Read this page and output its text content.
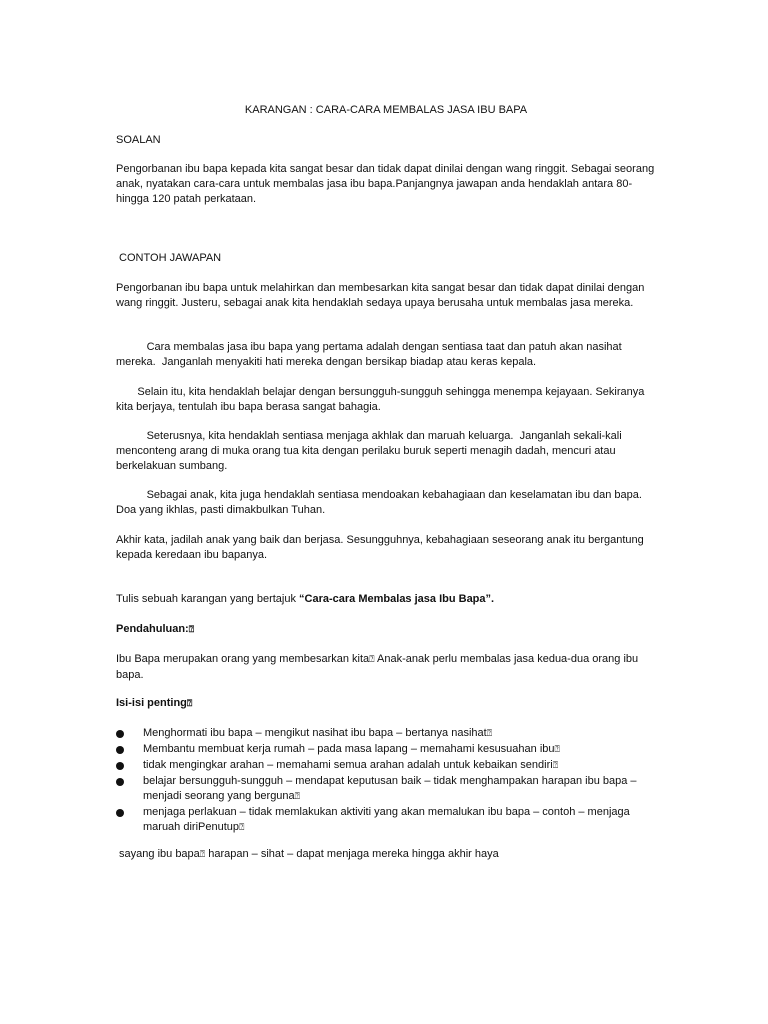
KARANGAN : CARA-CARA MEMBALAS JASA IBU BAPA

SOALAN

Pengorbanan ibu bapa kepada kita sangat besar dan tidak dapat dinilai dengan wang ringgit. Sebagai seorang anak, nyatakan cara-cara untuk membalas jasa ibu bapa.Panjangnya jawapan anda hendaklah antara 80- hingga 120 patah perkataan.

CONTOH JAWAPAN

Pengorbanan ibu bapa untuk melahirkan dan membesarkan kita sangat besar dan tidak dapat dinilai dengan wang ringgit. Justeru, sebagai anak kita hendaklah sedaya upaya berusaha untuk membalas jasa mereka.

Cara membalas jasa ibu bapa yang pertama adalah dengan sentiasa taat dan patuh akan nasihat mereka.  Janganlah menyakiti hati mereka dengan bersikap biadap atau keras kepala.

Selain itu, kita hendaklah belajar dengan bersungguh-sungguh sehingga menempa kejayaan. Sekiranya kita berjaya, tentulah ibu bapa berasa sangat bahagia.

Seterusnya, kita hendaklah sentiasa menjaga akhlak dan maruah keluarga.  Janganlah sekali-kali menconteng arang di muka orang tua kita dengan perilaku buruk seperti menagih dadah, mencuri atau berkelakuan sumbang.

Sebagai anak, kita juga hendaklah sentiasa mendoakan kebahagiaan dan keselamatan ibu dan bapa.  Doa yang ikhlas, pasti dimakbulkan Tuhan.

Akhir kata, jadilah anak yang baik dan berjasa. Sesungguhnya, kebahagiaan seseorang anak itu bergantung kepada keredaan ibu bapanya.

Tulis sebuah karangan yang bertajuk “Cara-cara Membalas jasa Ibu Bapa”.

Pendahuluan:⍰

Ibu Bapa merupakan orang yang membesarkan kita⍰ Anak-anak perlu membalas jasa kedua-dua orang ibu bapa.

Isi-isi penting⍰

Menghormati ibu bapa – mengikut nasihat ibu bapa – bertanya nasihat⍰
Membantu membuat kerja rumah – pada masa lapang – memahami kesusuahan ibu⍰
tidak mengingkar arahan – memahami semua arahan adalah untuk kebaikan sendiri⍰
belajar bersungguh-sungguh – mendapat keputusan baik – tidak menghampakan harapan ibu bapa – menjadi seorang yang berguna⍰
menjaga perlakuan – tidak memlakukan aktiviti yang akan memalukan ibu bapa – contoh – menjaga maruah diriPenutup⍰

sayang ibu bapa⍰ harapan – sihat – dapat menjaga mereka hingga akhir haya
